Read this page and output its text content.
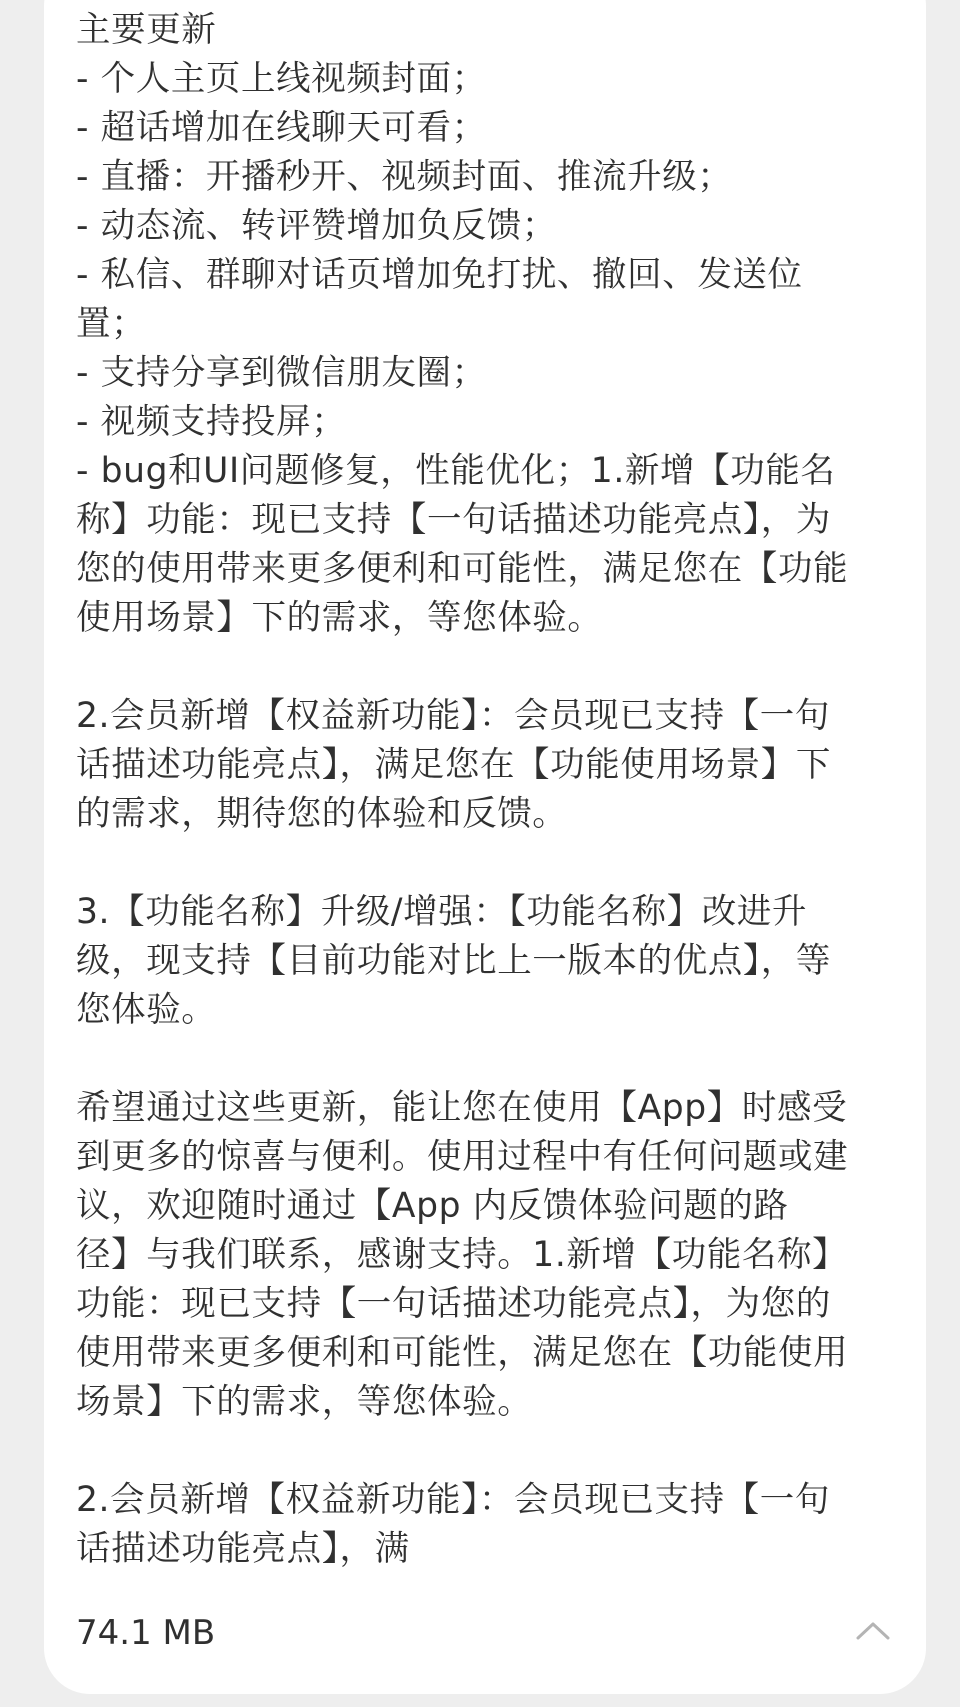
主要更新
- 个人主页上线视频封面；
- 超话增加在线聊天可看；
- 直播：开播秒开、视频封面、推流升级；
- 动态流、转评赞增加负反馈；
- 私信、群聊对话页增加免打扰、撤回、发送位
置；
- 支持分享到微信朋友圈；
- 视频支持投屏；
- bug和UI问题修复，性能优化；1.新增【功能名
称】功能：现已支持【一句话描述功能亮点】，为
您的使用带来更多便利和可能性，满足您在【功能
使用场景】下的需求，等您体验。
2.会员新增【权益新功能】：会员现已支持【一句
话描述功能亮点】，满足您在【功能使用场景】下
的需求，期待您的体验和反馈。
3.【功能名称】升级/增强：【功能名称】改进升
级，现支持【目前功能对比上一版本的优点】，等
您体验。
希望通过这些更新，能让您在使用【App】时感受
到更多的惊喜与便利。使用过程中有任何问题或建
议，欢迎随时通过【App 内反馈体验问题的路
径】与我们联系，感谢支持。1.新增【功能名称】
功能：现已支持【一句话描述功能亮点】，为您的
使用带来更多便利和可能性，满足您在【功能使用
场景】下的需求，等您体验。
2.会员新增【权益新功能】：会员现已支持【一句
话描述功能亮点】，满
74.1 MB
